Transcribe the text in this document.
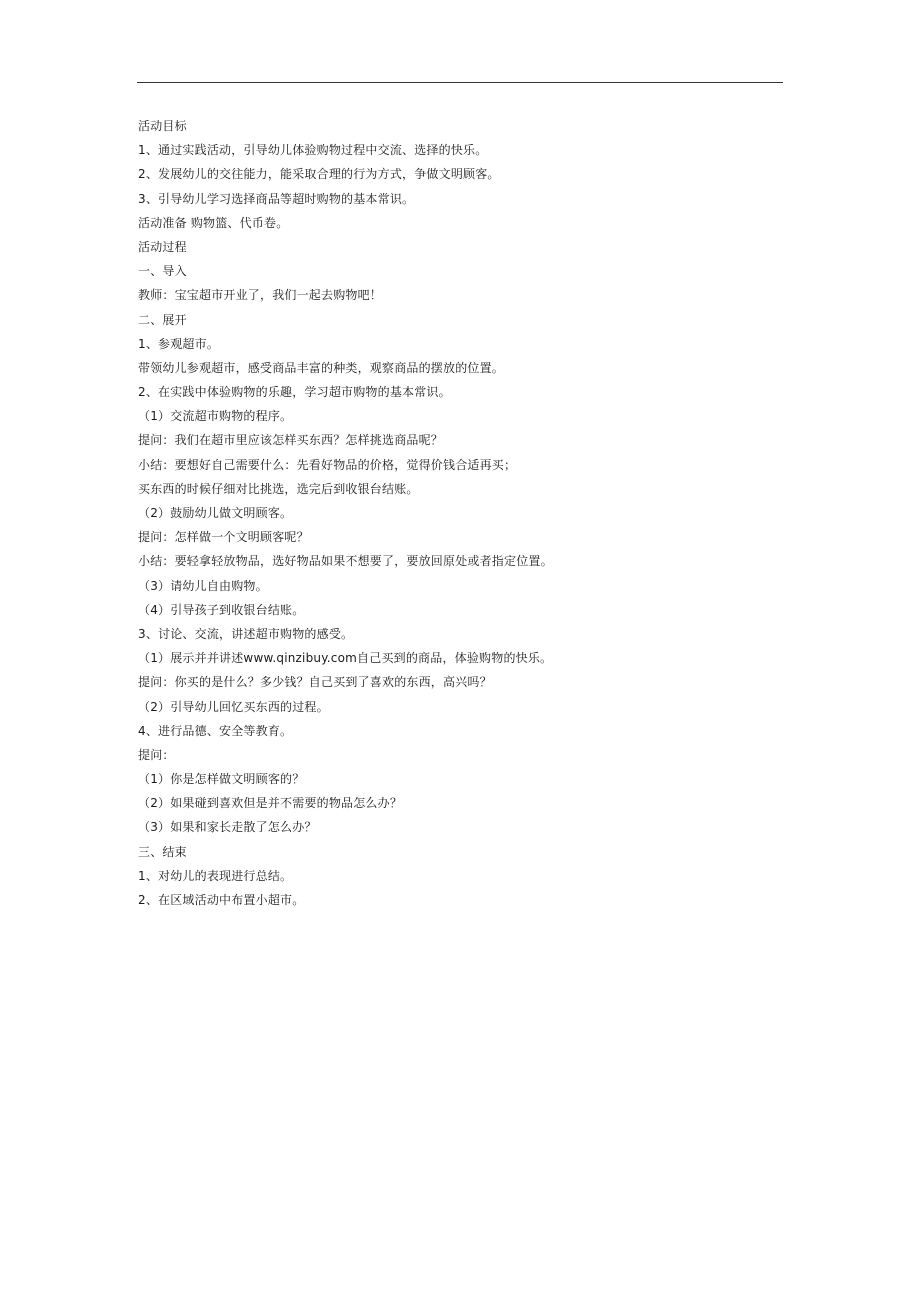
活动目标
1、通过实践活动，引导幼儿体验购物过程中交流、选择的快乐。
2、发展幼儿的交往能力，能采取合理的行为方式，争做文明顾客。
3、引导幼儿学习选择商品等超时购物的基本常识。
活动准备 购物篮、代币卷。
活动过程
一、导入
教师：宝宝超市开业了，我们一起去购物吧！
二、展开
1、参观超市。
带领幼儿参观超市，感受商品丰富的种类，观察商品的摆放的位置。
2、在实践中体验购物的乐趣，学习超市购物的基本常识。
（1）交流超市购物的程序。
提问：我们在超市里应该怎样买东西？怎样挑选商品呢？
小结：要想好自己需要什么：先看好物品的价格，觉得价钱合适再买；
买东西的时候仔细对比挑选，选完后到收银台结账。
（2）鼓励幼儿做文明顾客。
提问：怎样做一个文明顾客呢？
小结：要轻拿轻放物品，选好物品如果不想要了，要放回原处或者指定位置。
（3）请幼儿自由购物。
（4）引导孩子到收银台结账。
3、讨论、交流，讲述超市购物的感受。
（1）展示并并讲述www.qinzibuy.com自己买到的商品，体验购物的快乐。
提问：你买的是什么？多少钱？自己买到了喜欢的东西，高兴吗？
（2）引导幼儿回忆买东西的过程。
4、进行品德、安全等教育。
提问：
（1）你是怎样做文明顾客的？
（2）如果碰到喜欢但是并不需要的物品怎么办？
（3）如果和家长走散了怎么办？
三、结束
1、对幼儿的表现进行总结。
2、在区域活动中布置小超市。
